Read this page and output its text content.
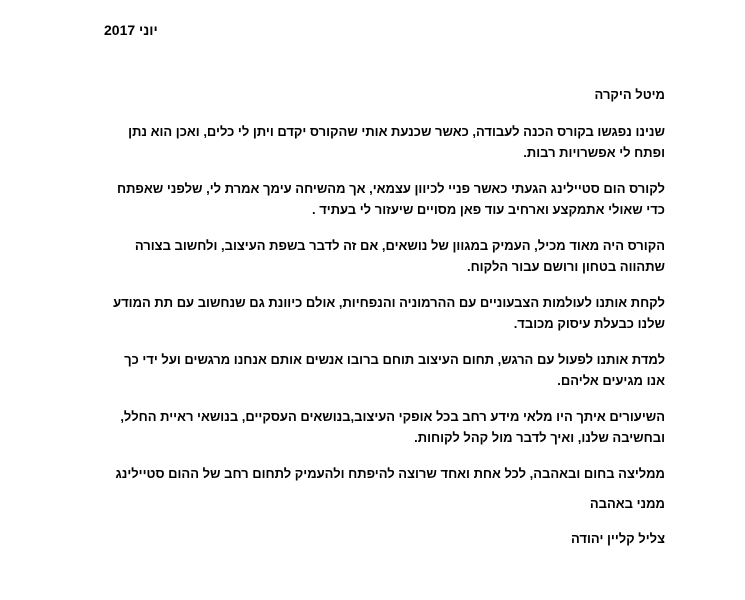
יוני 2017

מיטל היקרה

שנינו נפגשו בקורס הכנה לעבודה, כאשר שכנעת אותי שהקורס יקדם ויתן לי כלים, ואכן הוא נתן ופתח לי אפשרויות רבות.

לקורס הום סטיילינג הגעתי כאשר פניי לכיוון עצמאי, אך מהשיחה עימך אמרת לי, שלפני שאפתח כדי שאולי אתמקצע וארחיב עוד פאן מסויים שיעזור לי בעתיד .

הקורס היה מאוד מכיל, העמיק במגוון של נושאים, אם זה לדבר בשפת העיצוב, ולחשוב בצורה שתהווה בטחון ורושם עבור הלקוח.

לקחת אותנו לעולמות הצבעוניים עם ההרמוניה והנפחיות, אולם כיוונת גם שנחשוב עם תת המודע שלנו כבעלת עיסוק מכובד.

למדת אותנו לפעול עם הרגש, תחום העיצוב תוחם ברובו אנשים אותם אנחנו מרגשים ועל ידי כך אנו מגיעים אליהם.

השיעורים איתך היו מלאי מידע רחב בכל אופקי העיצוב,בנושאים העסקיים, בנושאי ראיית החלל, ובחשיבה שלנו, ואיך לדבר מול קהל לקוחות.

ממליצה בחום ובאהבה, לכל אחת ואחד שרוצה להיפתח ולהעמיק לתחום רחב של ההום סטיילינג

ממני באהבה
צליל קליין יהודה
